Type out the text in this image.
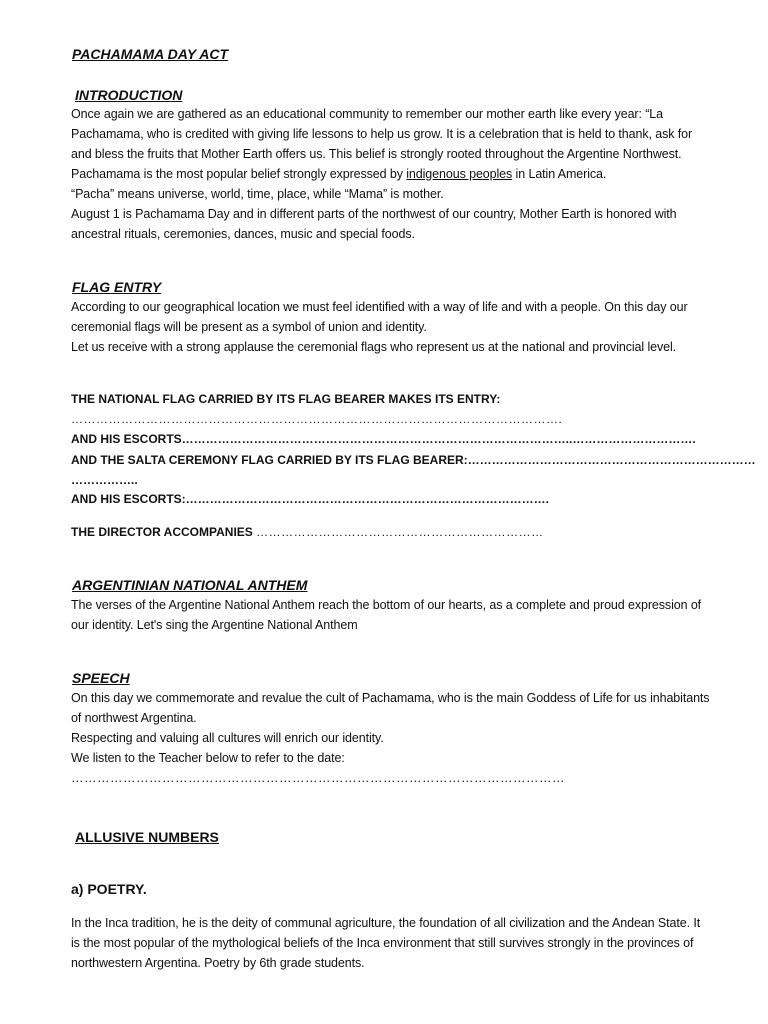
PACHAMAMA DAY ACT
INTRODUCTION

Once again we are gathered as an educational community to remember our mother earth like every year: “La Pachamama, who is credited with giving life lessons to help us grow. It is a celebration that is held to thank, ask for and bless the fruits that Mother Earth offers us. This belief is strongly rooted throughout the Argentine Northwest. Pachamama is the most popular belief strongly expressed by indigenous peoples in Latin America.

“Pacha” means universe, world, time, place, while “Mama” is mother.

August 1 is Pachamama Day and in different parts of the northwest of our country, Mother Earth is honored with ancestral rituals, ceremonies, dances, music and special foods.

FLAG ENTRY

According to our geographical location we must feel identified with a way of life and with a people. On this day our ceremonial flags will be present as a symbol of union and identity.

Let us receive with a strong applause the ceremonial flags who represent us at the national and provincial level.

THE NATIONAL FLAG CARRIED BY ITS FLAG BEARER MAKES ITS ENTRY:

……………………………………………………………………………………………………….

AND HIS ESCORTS……………………………………………………………………………………..………………………….

AND THE SALTA CEREMONY FLAG CARRIED BY ITS FLAG BEARER:………………………………………………………………

……………..

AND HIS ESCORTS:……………………………………………………………………………….

THE DIRECTOR ACCOMPANIES ……………………………………………………………

ARGENTINIAN NATIONAL ANTHEM

The verses of the Argentine National Anthem reach the bottom of our hearts, as a complete and proud expression of our identity. Let's sing the Argentine National Anthem

SPEECH

On this day we commemorate and revalue the cult of Pachamama, who is the main Goddess of Life for us inhabitants of northwest Argentina.

Respecting and valuing all cultures will enrich our identity.

We listen to the Teacher below to refer to the date:

……………………………………………………………………………………………………

ALLUSIVE NUMBERS
a) POETRY.

In the Inca tradition, he is the deity of communal agriculture, the foundation of all civilization and the Andean State. It is the most popular of the mythological beliefs of the Inca environment that still survives strongly in the provinces of northwestern Argentina. Poetry by 6th grade students.
